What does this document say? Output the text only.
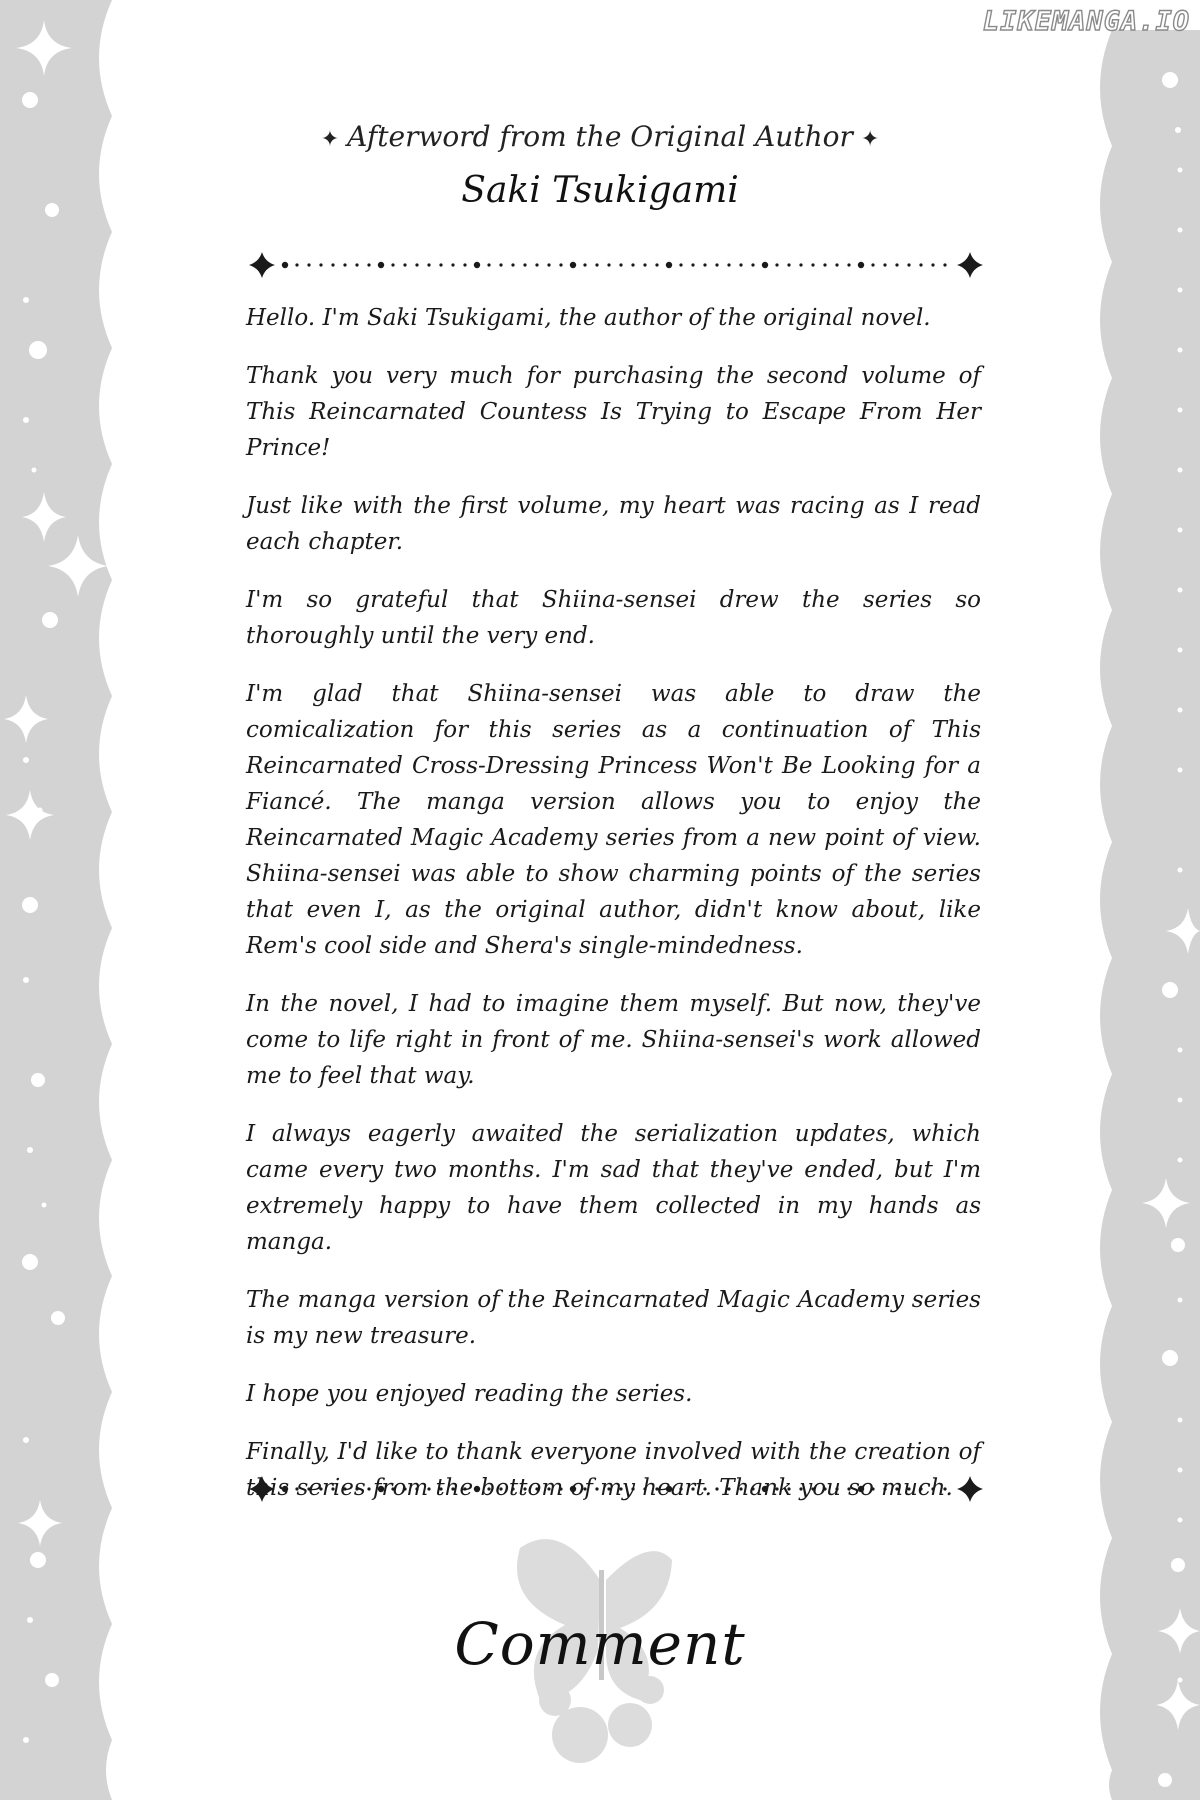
LIKEMANGA.IO
✦ Afterword from the Original Author ✦
Saki Tsukigami

Hello. I'm Saki Tsukigami, the author of the original novel.

Thank you very much for purchasing the second volume of This Reincarnated Countess Is Trying to Escape From Her Prince!

Just like with the first volume, my heart was racing as I read each chapter.

I'm so grateful that Shiina-sensei drew the series so thoroughly until the very end.

I'm glad that Shiina-sensei was able to draw the comicalization for this series as a continuation of This Reincarnated Cross-Dressing Princess Won't Be Looking for a Fiancé. The manga version allows you to enjoy the Reincarnated Magic Academy series from a new point of view. Shiina-sensei was able to show charming points of the series that even I, as the original author, didn't know about, like Rem's cool side and Shera's single-mindedness.

In the novel, I had to imagine them myself. But now, they've come to life right in front of me. Shiina-sensei's work allowed me to feel that way.

I always eagerly awaited the serialization updates, which came every two months. I'm sad that they've ended, but I'm extremely happy to have them collected in my hands as manga.

The manga version of the Reincarnated Magic Academy series is my new treasure.

I hope you enjoyed reading the series.

Finally, I'd like to thank everyone involved with the creation of this series from the bottom of my heart. Thank you so much.

Comment
